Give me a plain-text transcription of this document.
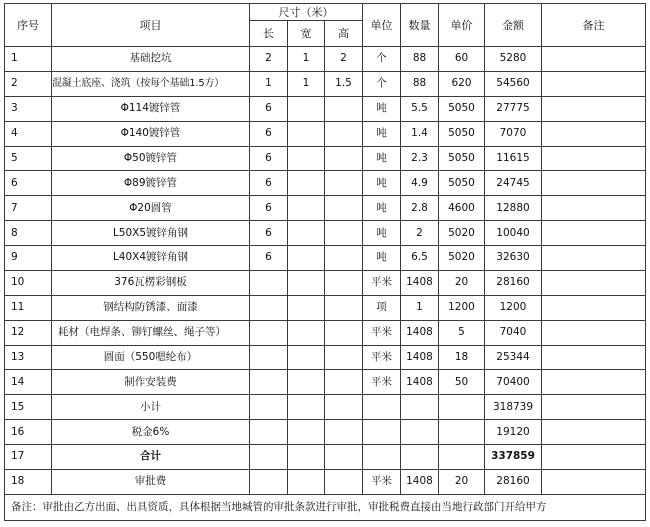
序号	项目	尺寸（米）			单位	数量	单价	金额	备注
		长	宽	高					
1	基础挖坑	2	1	2	个	88	60	5280	
2	混凝土底座、浇筑（按每个基础1.5方）	1	1	1.5	个	88	620	54560	
3	Φ114镀锌管	6			吨	5.5	5050	27775	
4	Φ140镀锌管	6			吨	1.4	5050	7070	
5	Φ50镀锌管	6			吨	2.3	5050	11615	
6	Φ89镀锌管	6			吨	4.9	5050	24745	
7	Φ20圆管	6			吨	2.8	4600	12880	
8	L50X5镀锌角钢	6			吨	2	5020	10040	
9	L40X4镀锌角钢	6			吨	6.5	5020	32630	
10	376瓦楞彩钢板				平米	1408	20	28160	
11	钢结构防锈漆、面漆				项	1	1200	1200	
12	耗材（电焊条、铆钉螺丝、绳子等）				平米	1408	5	7040	
13	圆面（550嗯纶布）				平米	1408	18	25344	
14	制作安装费				平米	1408	50	70400	
15	小计							318739	
16	税金6%							19120	
17	合计							337859	
18	审批费				平米	1408	20	28160	
备注：审批由乙方出面、出具资质，具体根据当地城管的审批条款进行审批，审批税费直接由当地行政部门开给甲方									
